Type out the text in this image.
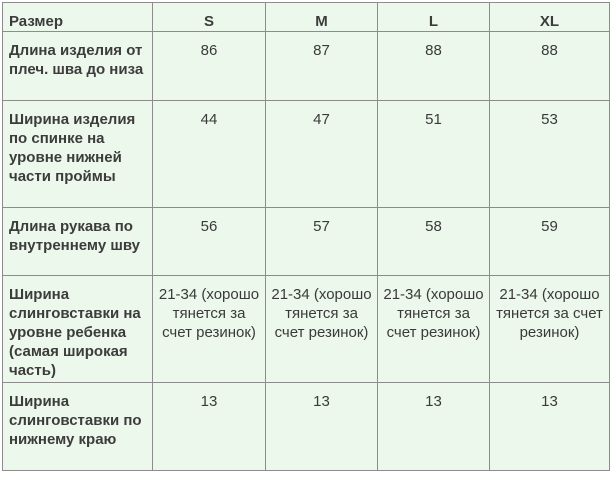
Размер	S	M	L	XL
Длина изделия от плеч. шва до низа	86	87	88	88
Ширина изделия по спинке на уровне нижней части проймы	44	47	51	53
Длина рукава по внутреннему шву	56	57	58	59
Ширина слинговставки на уровне ребенка (самая широкая часть)	21-34 (хорошо тянется за счет резинок)	21-34 (хорошо тянется за счет резинок)	21-34 (хорошо тянется за счет резинок)	21-34 (хорошо тянется за счет резинок)
Ширина слинговставки по нижнему краю	13	13	13	13
